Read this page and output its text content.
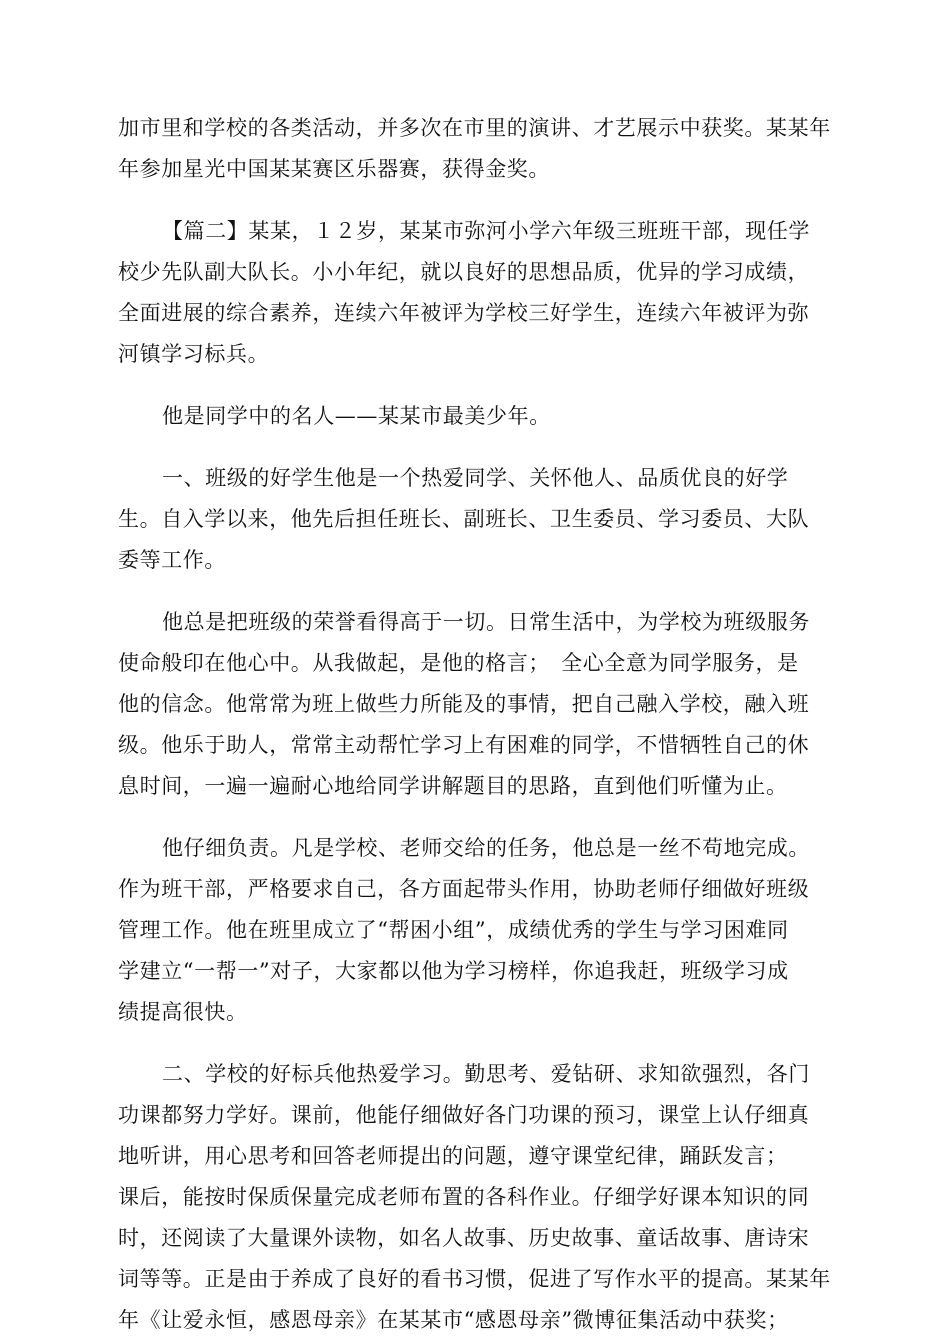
加市里和学校的各类活动，并多次在市里的演讲、才艺展示中获奖。某某年
年参加星光中国某某赛区乐器赛，获得金奖。

【篇二】某某，１２岁，某某市弥河小学六年级三班班干部，现任学
校少先队副大队长。小小年纪，就以良好的思想品质，优异的学习成绩，
全面进展的综合素养，连续六年被评为学校三好学生，连续六年被评为弥
河镇学习标兵。

他是同学中的名人——某某市最美少年。

一、班级的好学生他是一个热爱同学、关怀他人、品质优良的好学
生。自入学以来，他先后担任班长、副班长、卫生委员、学习委员、大队
委等工作。

他总是把班级的荣誉看得高于一切。日常生活中，为学校为班级服务
使命般印在他心中。从我做起，是他的格言；　全心全意为同学服务，是
他的信念。他常常为班上做些力所能及的事情，把自己融入学校，融入班
级。他乐于助人，常常主动帮忙学习上有困难的同学，不惜牺牲自己的休
息时间，一遍一遍耐心地给同学讲解题目的思路，直到他们听懂为止。

他仔细负责。凡是学校、老师交给的任务，他总是一丝不苟地完成。
作为班干部，严格要求自己，各方面起带头作用，协助老师仔细做好班级
管理工作。他在班里成立了“帮困小组”，成绩优秀的学生与学习困难同
学建立“一帮一”对子，大家都以他为学习榜样，你追我赶，班级学习成
绩提高很快。

二、学校的好标兵他热爱学习。勤思考、爱钻研、求知欲强烈，各门
功课都努力学好。课前，他能仔细做好各门功课的预习，课堂上认仔细真
地听讲，用心思考和回答老师提出的问题，遵守课堂纪律，踊跃发言；
课后，能按时保质保量完成老师布置的各科作业。仔细学好课本知识的同
时，还阅读了大量课外读物，如名人故事、历史故事、童话故事、唐诗宋
词等等。正是由于养成了良好的看书习惯，促进了写作水平的提高。某某年
年《让爱永恒，感恩母亲》在某某市“感恩母亲”微博征集活动中获奖；
